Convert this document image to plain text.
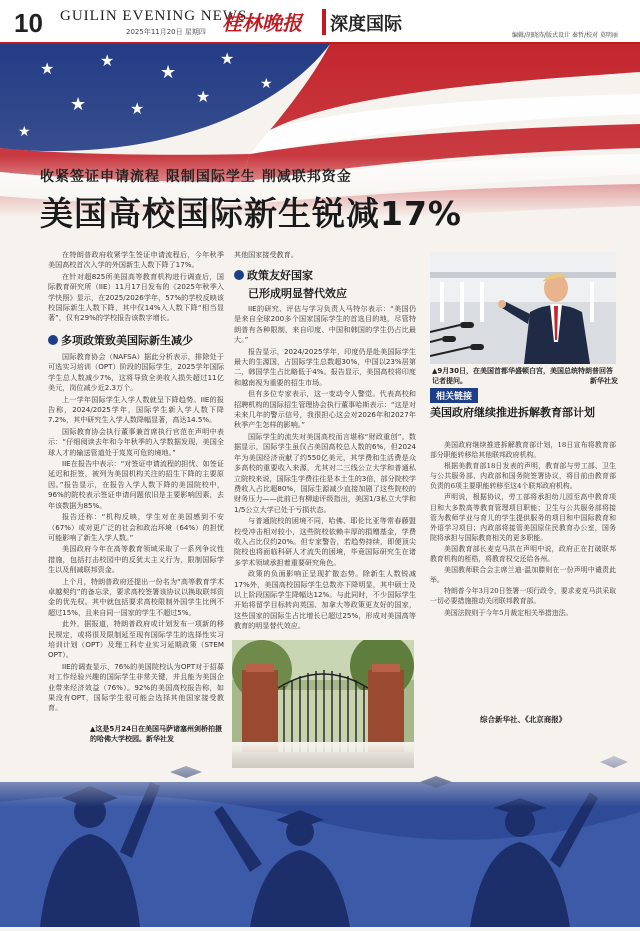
10 GUILIN EVENING NEWS
2025年11月20日 星期四 桂林晚报 深度国际
编辑/胡晓涛/版式设计 秦哲/校对 莫明丽
收紧签证申请流程 限制国际学生 削减联邦资金
美国高校国际新生锐减17%

在特朗普政府收紧学生签证申请流程后，今年秋季美国高校首次入学的外国新生人数下降了17%。

在针对超825所美国高等教育机构进行调查后，国际教育研究所（IIE）11月17日发布的《2025年秋季入学快照》显示，在2025/2026学年，57%的学校反映该校国际新生人数下降，其中仅14%入人数下降“相当显著”，仅有29%的学校报告该数字增长。

多项政策致美国际新生减少

国际教育协会（NAFSA）据此分析表示，排除处于可选实习培训（OPT）阶段的国际学生，2025学年国际学生总人数减少7%，这将导致全美收入损失超过11亿美元，岗位减少近2.3万个。

上一学年国际学生入学人数就呈下降趋势。IIE的报告称，2024/2025学年，国际学生新入学人数下降7.2%，其中研究生入学人数降幅显著，高达14.5%。

国际教育协会执行董事兼首席执行官范在声明中表示：“仔细阅读去年和今年秋季的入学数据发现，美国全球人才的输送管道处于岌岌可危的境地。”

IIE在报告中表示：“对签证申请流程的担忧、如签证延迟和拒签，被列为美国机构关注的招生下降的主要原因。”报告显示，在报告入学人数下降的美国院校中，96%的院校表示签证申请问题依旧是主要影响因素，去年该数据为85%。

报告还称：“机构反映，学生对在美国感到不安（67%）或对更广泛的社会和政治环境（64%）的担忧可能影响了新生入学人数。”

美国政府今年在高等教育领域采取了一系列争议性措施，包括打击校园中的反犹太主义行为，限制国际学生以及削减联邦资金。

上个月，特朗普政府还提出一份名为“高等教育学术卓越契约”的备忘录，要求高校签署该协议以换取联邦资金的优先权。其中就包括要求高校限制外国学生比例不超过15%，且来自同一国家的学生不超过5%。

此外，据报道，特朗普政府或计划发布一项新的移民规定，或将很及限制延至现有国际学生的选择性实习培训计划（OPT）及理工科专业实习延期政策（STEM OPT）。

IIE的调查显示，76%的美国院校认为OPT对于招募对工作经验兴趣的国际学生非常关键，并且能为美国企业带来经济效益（76%）。92%的美国高校报告称，如果没有OPT，国际学生很可能会选择其他国家接受教育。

其他国家接受教育。

政策友好国家
已形成明显替代效应

IIE的研究、评估与学习负责人马特尔表示：“美国仍是来自全球200多个国家国际学生的首选目的地，尽管特朗普有各种限制，来自印度、中国和韩国的学生仍占比最大。”

报告显示，2024/2025学年，印度仍是赴美国际学生最大的生源国，占国际学生总数超30%，中国以23%居第二，韩国学生占比略低于4%。报告显示，美国高校将印度和越南视为重要的招生市场。

但有多位专家表示，这一变动令人警觉。代表高校和招聘机构的国际招生管理协会执行董事哈斯表示：“这是对未来几年的警示信号，我很担心这会对2026年和2027年秋季产生怎样的影响。”

国际学生的流失对美国高校而言堪称“财政重创”。数据显示，国际学生虽仅占美国高校总人数的6%，但2024年为美国经济贡献了约550亿美元，其学费和生活费是众多高校的重要收入来源，尤其对二三线公立大学和普通私立院校来说，国际生学费往往是本土生的3倍，部分院校学费收入占比超80%，国际生源减少直接加剧了这些院校的财务压力——此前已有柳迪评级指出，美国1/3私立大学和1/5公立大学已处于亏损状态。

与普通院校的困境不同，哈佛、耶伦比亚等常春藤盟校受冲击相对较小，这些院校依赖丰厚的捐赠基金，学费收入占比仅约20%。但专家警告，若趋势持续，即便顶尖院校也将面临科研人才流失的困境，毕竟国际研究生在诸多学术领域承担着重要研究角色。

政策的负面影响正呈现扩散态势。除新生人数锐减17%外，美国高校国际学生总数亦下降明显，其中硕士及以上阶段国际学生降幅达12%。与此同时，不少国际学生开始将留学目标转向英国、加拿大等政策更友好的国家，这些国家的国际生占比增长已超过25%，形成对美国高等教育的明显替代效应。

▲9月30日，在美国首都华盛顿白宫，美国总统特朗普回答记者提问。	新华社发
相关链接
美国政府继续推进拆解教育部计划

美国政府继续推进拆解教育部计划，18日宣布将教育部部分职能转移给其他联邦政府机构。

根据美教育部18日发表的声明，教育部与劳工部、卫生与公共服务部、内政部和国务院签署协议，将目前由教育部负责的6项主要职能转移至这4个联邦政府机构。

声明说，根据协议，劳工部将承担幼儿园至高中教育项目和大多数高等教育管理项目职能；卫生与公共服务部将接管为教师学业与育儿的学生提供服务的项目和中国际教育和外语学习项目；内政部将接管美国原住民教育办公室，国务院将承担与国际教育相关的更多职能。

美国教育部长麦克马洪在声明中说，政府正在打破联邦教育机构的桎梏，将教育权交还给各州。

美国教师联合会主席兰迪·温加滕则在一份声明中谴责此举。

特朗普今年3月20日签署一项行政令，要求麦克马洪采取一切必要措施推动关闭联邦教育部。

美国法院则于今年5月裁定相关举措违法。

综合新华社、《北京商报》
▲这是5月24日在美国马萨诸塞州剑桥拍摄的哈佛大学校园。新华社发
